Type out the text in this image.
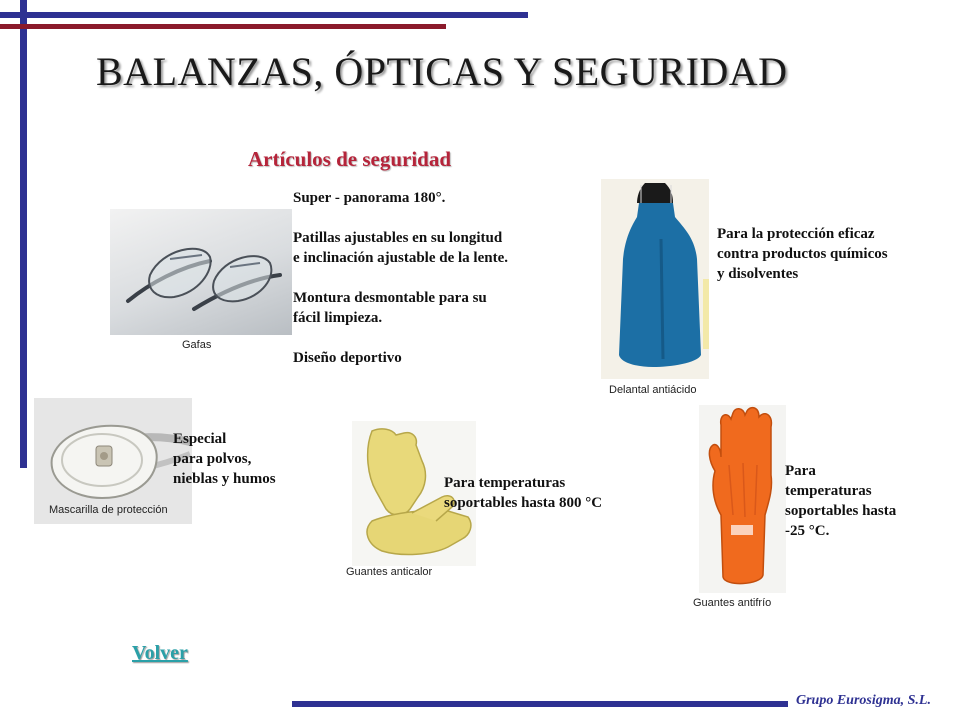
BALANZAS, ÓPTICAS Y SEGURIDAD
Artículos de seguridad
Gafas
Super - panorama 180°.
Patillas ajustables en su longitud
e inclinación ajustable de la lente.
Montura desmontable para su
fácil limpieza.
Diseño deportivo
Delantal antiácido
Para la protección eficaz
contra productos químicos
y disolventes
Mascarilla de protección
Especial
para polvos,
nieblas y humos
Guantes anticalor
Para temperaturas
soportables hasta 800 °C
Guantes antifrío
Para
temperaturas
soportables hasta
-25 °C.
Volver
Grupo Eurosigma, S.L.
